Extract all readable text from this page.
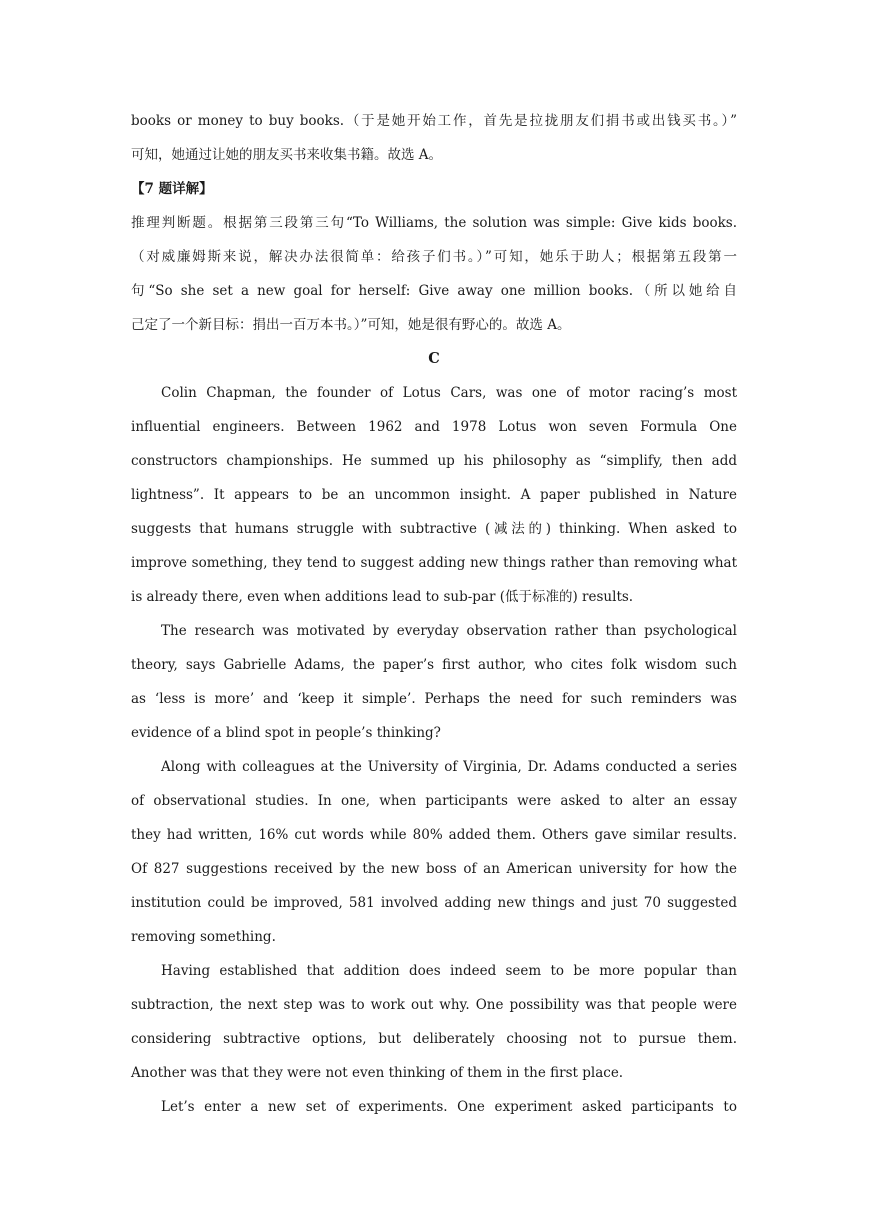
books or money to buy books.（于是她开始工作，首先是拉拢朋友们捐书或出钱买书。）”

可知，她通过让她的朋友买书来收集书籍。故选 A。

【7 题详解】

推理判断题。根据第三段第三句“To Williams, the solution was simple: Give kids books.

（对威廉姆斯来说，解决办法很简单：给孩子们书。）”可知，她乐于助人；根据第五段第一

句“So she set a new goal for herself: Give away one million books.（所以她给自

己定了一个新目标：捐出一百万本书。）”可知，她是很有野心的。故选 A。

C

Colin Chapman, the founder of Lotus Cars, was one of motor racing’s most

influential engineers. Between 1962 and 1978 Lotus won seven Formula One

constructors championships. He summed up his philosophy as “simplify, then add

lightness”. It appears to be an uncommon insight. A paper published in Nature

suggests that humans struggle with subtractive (减法的) thinking. When asked to

improve something, they tend to suggest adding new things rather than removing what

is already there, even when additions lead to sub-par (低于标准的) results.

The research was motivated by everyday observation rather than psychological

theory, says Gabrielle Adams, the paper’s first author, who cites folk wisdom such

as ‘less is more’ and ‘keep it simple’. Perhaps the need for such reminders was

evidence of a blind spot in people’s thinking?

Along with colleagues at the University of Virginia, Dr. Adams conducted a series

of observational studies. In one, when participants were asked to alter an essay

they had written, 16% cut words while 80% added them. Others gave similar results.

Of 827 suggestions received by the new boss of an American university for how the

institution could be improved, 581 involved adding new things and just 70 suggested

removing something.

Having established that addition does indeed seem to be more popular than

subtraction, the next step was to work out why. One possibility was that people were

considering subtractive options, but deliberately choosing not to pursue them.

Another was that they were not even thinking of them in the first place.

Let’s enter a new set of experiments. One experiment asked participants to
